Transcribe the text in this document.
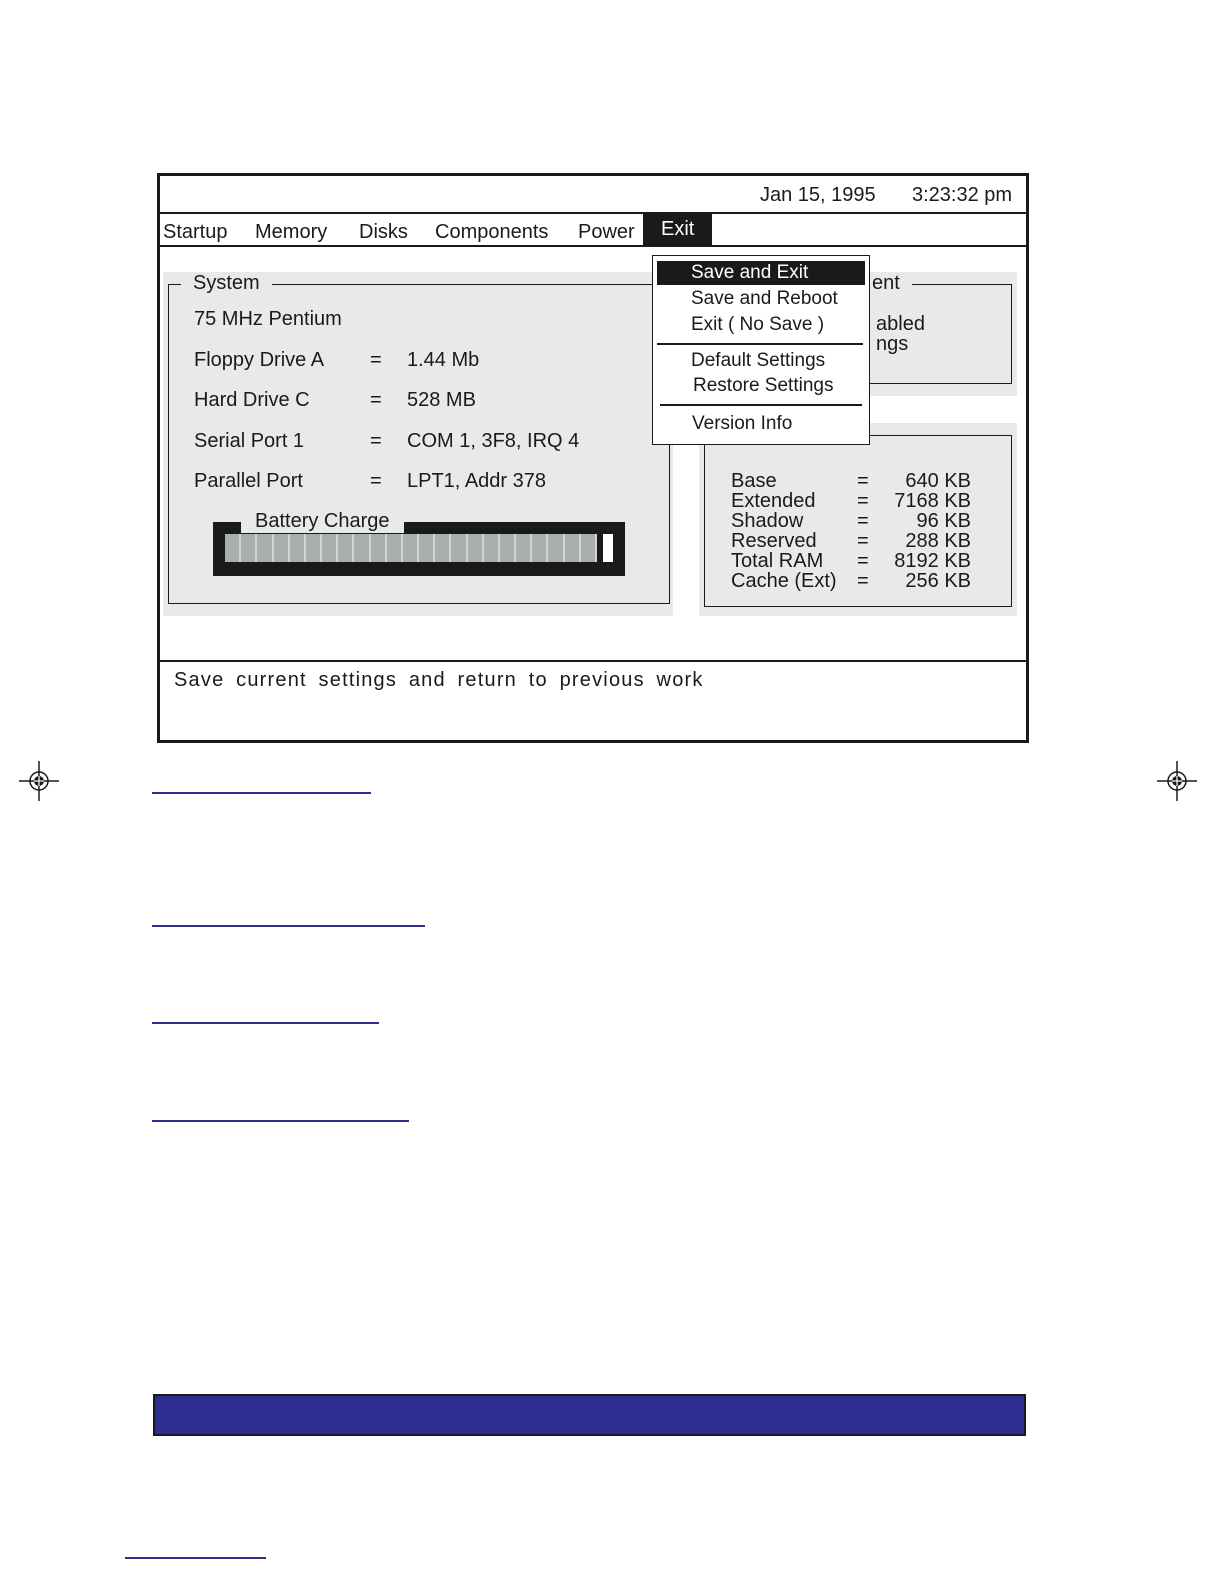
Jan 15, 1995 3:23:32 pm
Startup Memory Disks Components Power	Exit
System
75 MHz Pentium
Floppy Drive A = 1.44 Mb
Hard Drive C	= 528 MB
Serial Port 1	= COM 1, 3F8, IRQ 4
Parallel Port	= LPT1, Addr 378
Battery Charge
ent
abled
ngs
Base	= 640 KB
Extended = 7168 KB
Shadow	= 96 KB
Reserved = 288 KB
Total RAM = 8192 KB
Cache (Ext) = 256 KB
Save and Exit
Save and Reboot
Exit ( No Save )
Default Settings
Restore Settings
Version Info
Save current settings and return to previous work
